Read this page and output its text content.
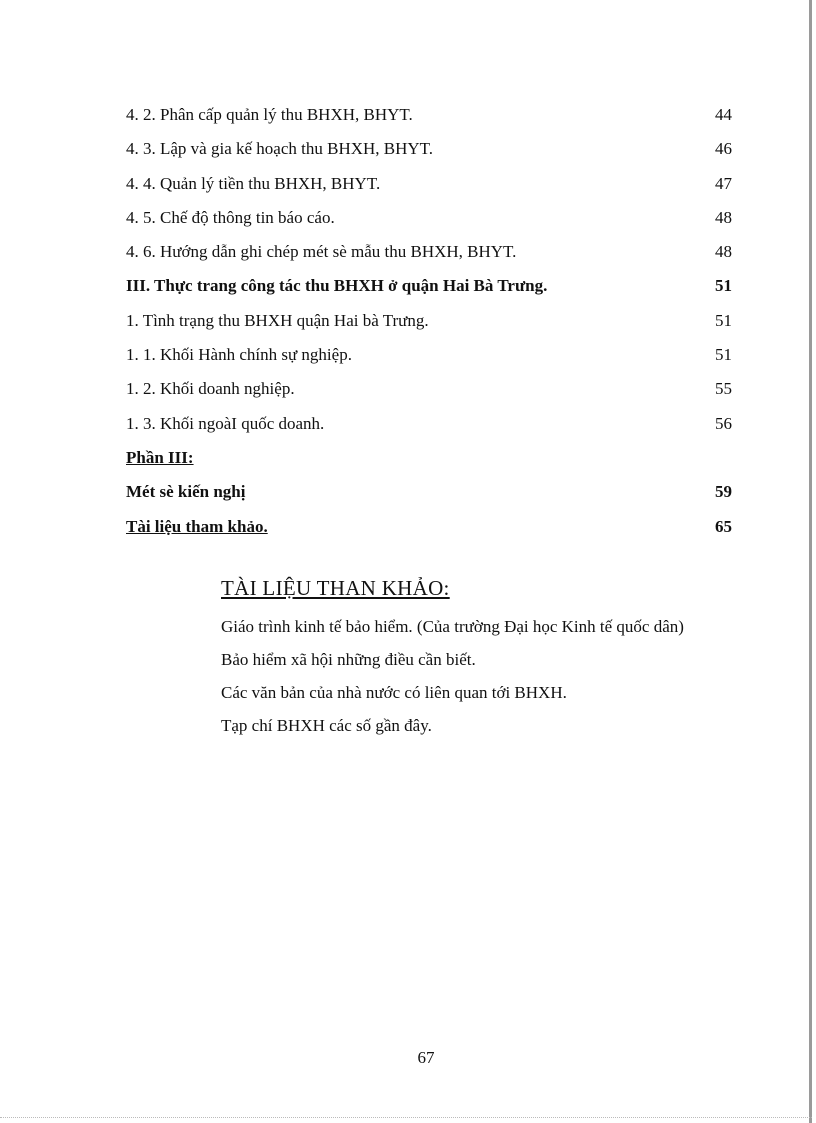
4. 2. Phân cấp quản lý thu BHXH, BHYT.	44
4. 3. Lập và gia kế hoạch thu BHXH, BHYT.	46
4. 4. Quản lý tiền thu BHXH, BHYT.	47
4. 5. Chế độ thông tin báo cáo.	48
4. 6. Hướng dẫn ghi chép mét sè mẫu thu BHXH, BHYT.	48
III. Thực trang công tác thu BHXH ở quận Hai Bà Trưng.	51
1. Tình trạng thu BHXH quận Hai bà Trưng.	51
1. 1. Khối Hành chính sự nghiệp.	51
1. 2. Khối doanh nghiệp.	55
1. 3. Khối ngoàI quốc doanh.	56
Phần III:
Mét sè kiến nghị	59
Tài liệu tham khảo.	65
TÀI LIỆU THAN KHẢO:
Giáo trình kinh tế bảo hiểm. (Của trường Đại học Kinh tế quốc dân)
Bảo hiểm xã hội những điều cần biết.
Các văn bản của nhà nước có liên quan tới BHXH.
Tạp chí BHXH các số gần đây.
67
